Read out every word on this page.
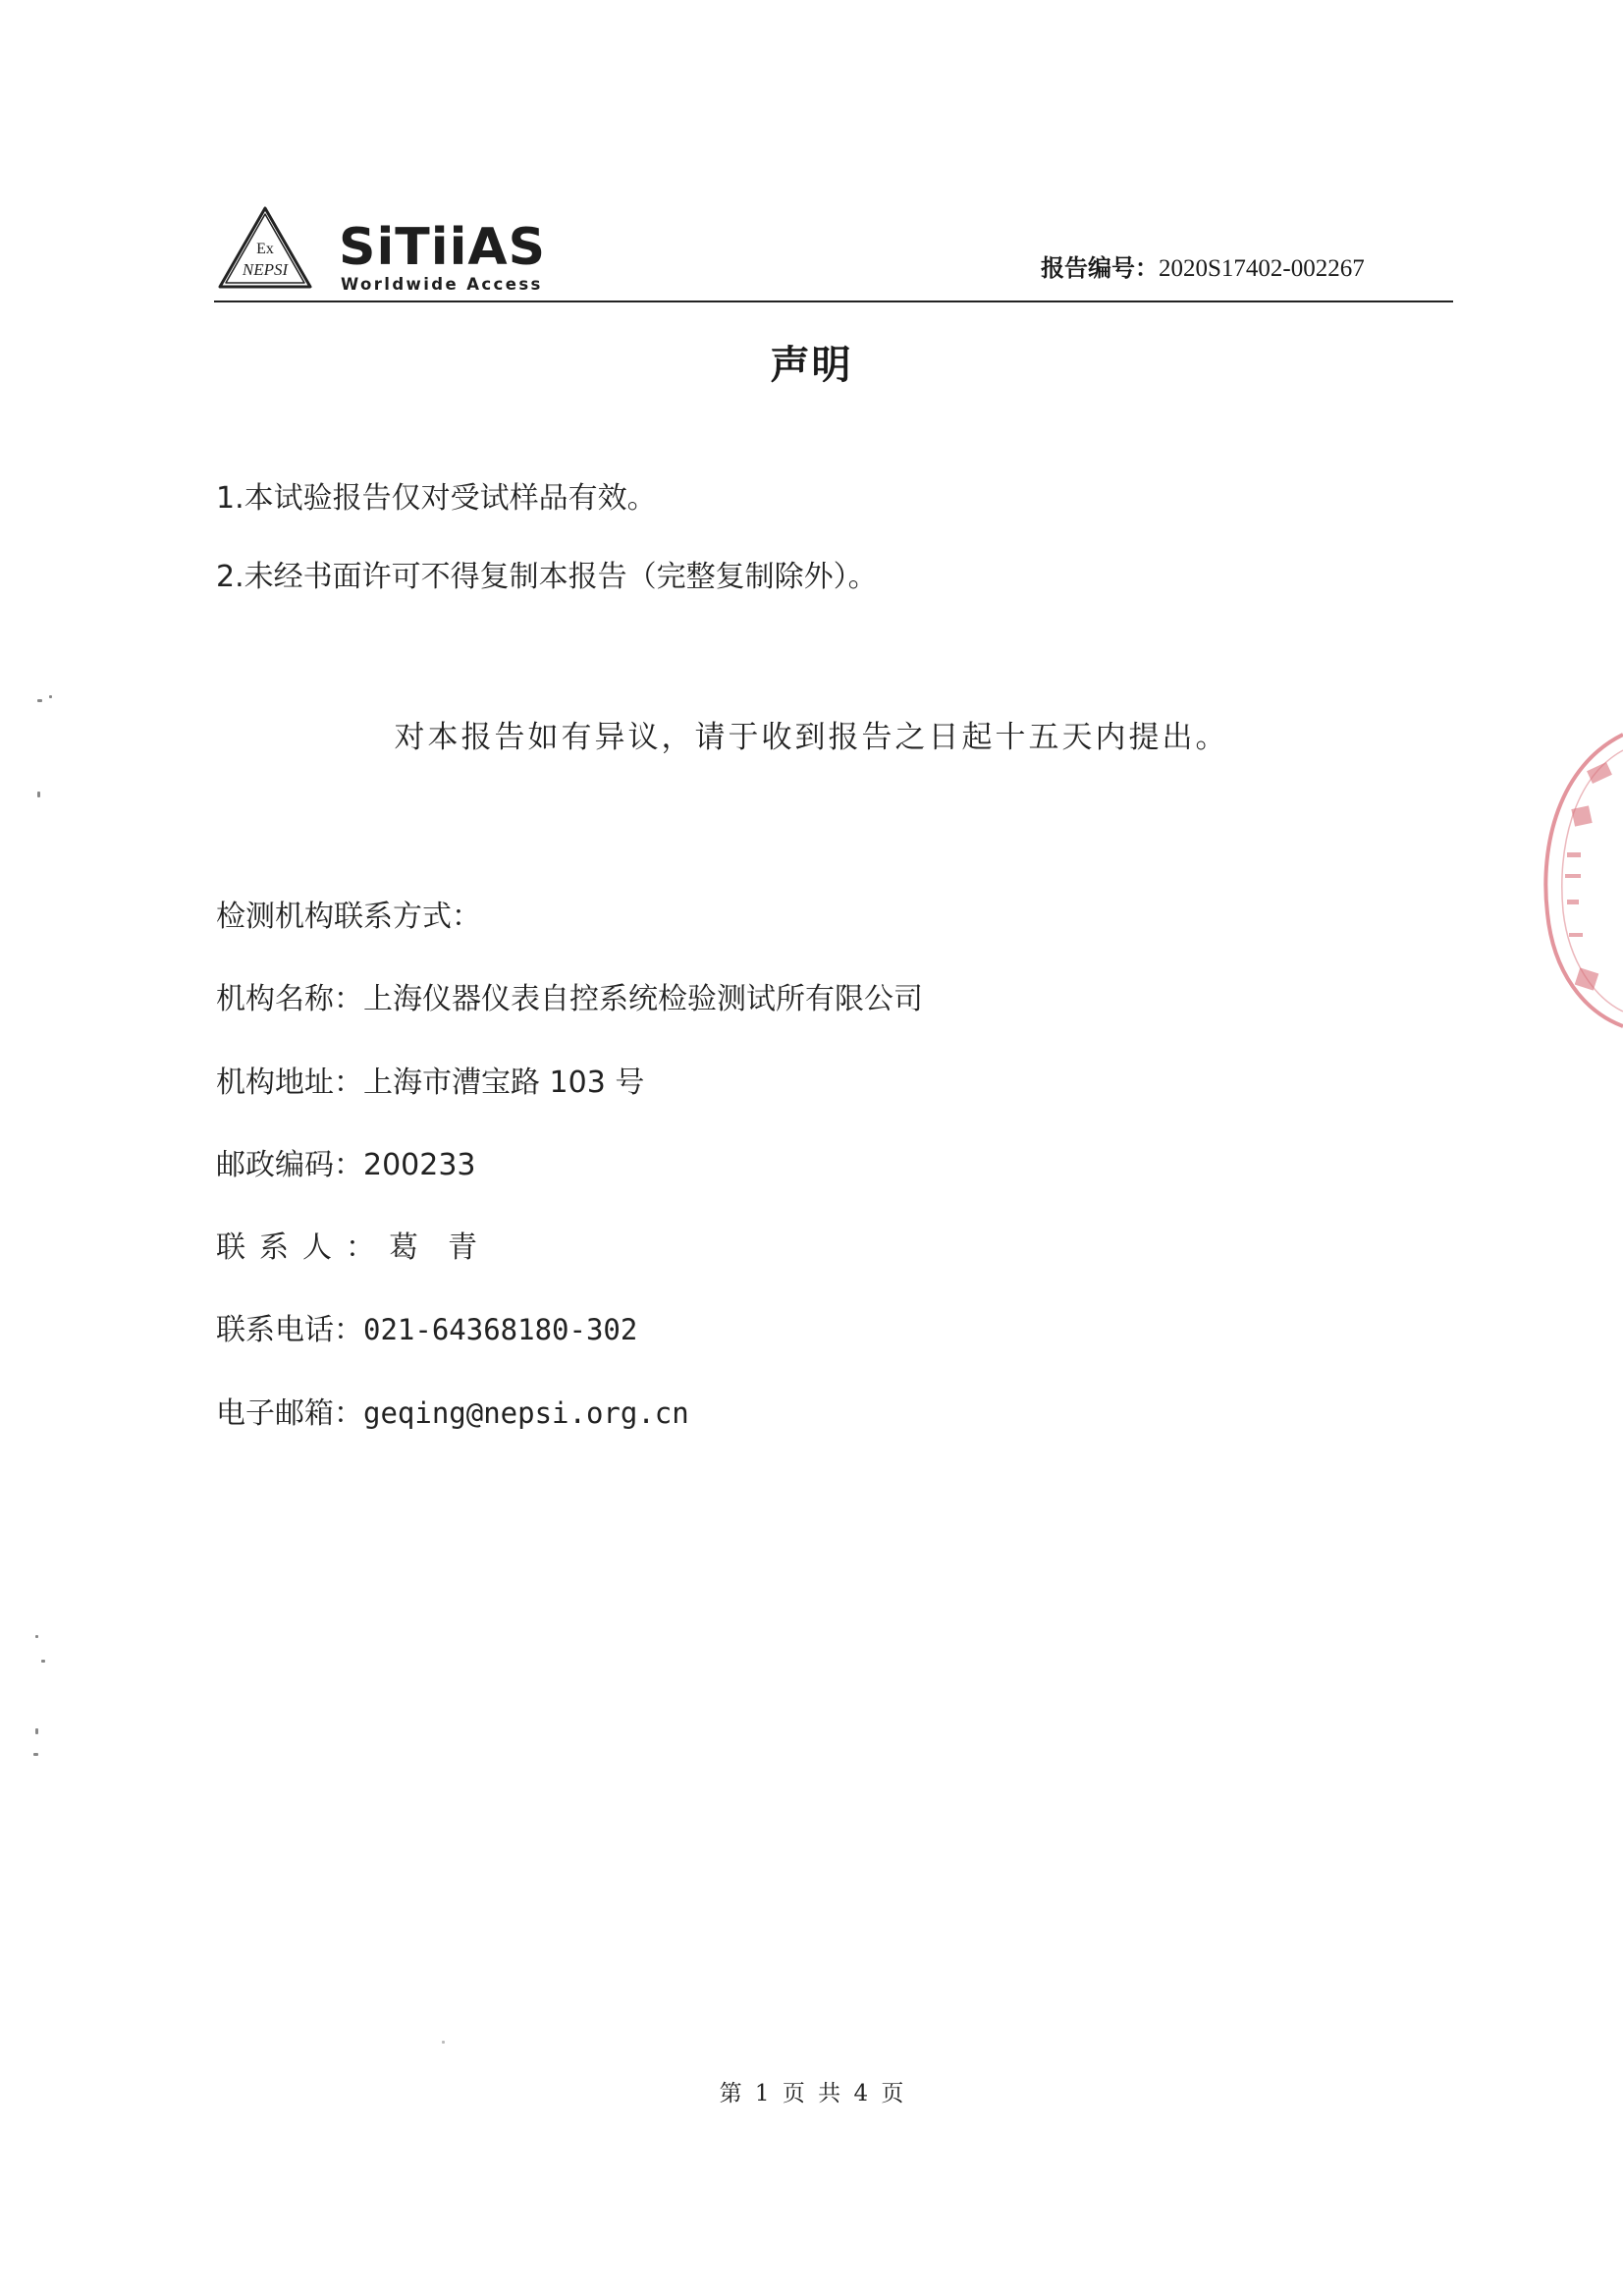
Ex
NEPSI SiTiiAS
Worldwide Access
报告编号：2020S17402-002267
声明
1.本试验报告仅对受试样品有效。
2.未经书面许可不得复制本报告（完整复制除外）。
对本报告如有异议，请于收到报告之日起十五天内提出。
检测机构联系方式：
机构名称：上海仪器仪表自控系统检验测试所有限公司
机构地址：上海市漕宝路 103 号
邮政编码：200233
联系人：葛青
联系电话：021-64368180-302
电子邮箱：geqing@nepsi.org.cn
第 1 页 共 4 页
